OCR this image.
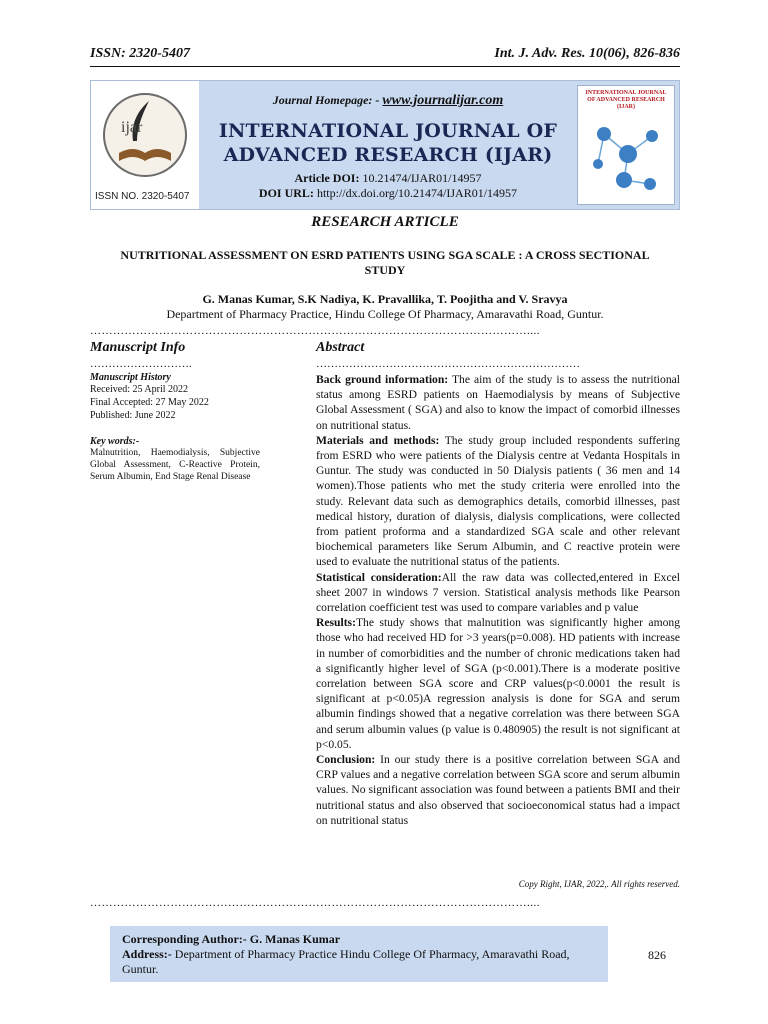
ISSN: 2320-5407	Int. J. Adv. Res. 10(06), 826-836
ijar
ISSN NO. 2320-5407
Journal Homepage: - www.journalijar.com
INTERNATIONAL JOURNAL OF
ADVANCED RESEARCH (IJAR)
Article DOI: 10.21474/IJAR01/14957
DOI URL: http://dx.doi.org/10.21474/IJAR01/14957
INTERNATIONAL JOURNAL OF ADVANCED RESEARCH (IJAR)
RESEARCH ARTICLE
NUTRITIONAL ASSESSMENT ON ESRD PATIENTS USING SGA SCALE : A CROSS SECTIONAL STUDY
G. Manas Kumar, S.K Nadiya, K. Pravallika, T. Poojitha and V. Sravya
Department of Pharmacy Practice, Hindu College Of Pharmacy, Amaravathi Road, Guntur.
……………………………………………………………………………………………………....
Manuscript Info
……………………….
Manuscript History
Received: 25 April 2022
Final Accepted: 27 May 2022
Published: June 2022
Key words:-
Malnutrition, Haemodialysis, Subjective Global Assessment, C-Reactive Protein, Serum Albumin, End Stage Renal Disease
Abstract
………………………………………………………………

Back ground information: The aim of the study is to assess the nutritional status among ESRD patients on Haemodialysis by means of Subjective Global Assessment ( SGA) and also to know the impact of comorbid illnesses on nutritional status.

Materials and methods: The study group included respondents suffering from ESRD who were patients of the Dialysis centre at Vedanta Hospitals in Guntur. The study was conducted in 50 Dialysis patients ( 36 men and 14 women).Those patients who met the study criteria were enrolled into the study. Relevant data such as demographics details, comorbid illnesses, past medical history, duration of dialysis, dialysis complications, were collected from patient proforma and a standardized SGA scale and other relevant biochemical parameters like Serum Albumin, and C reactive protein were used to evaluate the nutritional status of the patients.

Statistical consideration:All the raw data was collected,entered in Excel sheet 2007 in windows 7 version. Statistical analysis methods like Pearson correlation coefficient test was used to compare variables and p value

Results:The study shows that malnutition was significantly higher among those who had received HD for >3 years(p=0.008). HD patients with increase in number of comorbidities and the number of chronic medications taken had a significantly higher level of SGA (p<0.001).There is a moderate positive correlation between SGA score and CRP values(p<0.0001 the result is significant at p<0.05)A regression analysis is done for SGA and serum albumin findings showed that a negative correlation was there between SGA and serum albumin values (p value is 0.480905) the result is not significant at p<0.05.

Conclusion: In our study there is a positive correlation between SGA and CRP values and a negative correlation between SGA score and serum albumin values. No significant association was found between a patients BMI and their nutritional status and also observed that socioeconomical status had a impact on nutritional status

Copy Right, IJAR, 2022,. All rights reserved.
……………………………………………………………………………………………………....
Corresponding Author:- G. Manas Kumar
Address:- Department of Pharmacy Practice Hindu College Of Pharmacy, Amaravathi Road, Guntur.
826
